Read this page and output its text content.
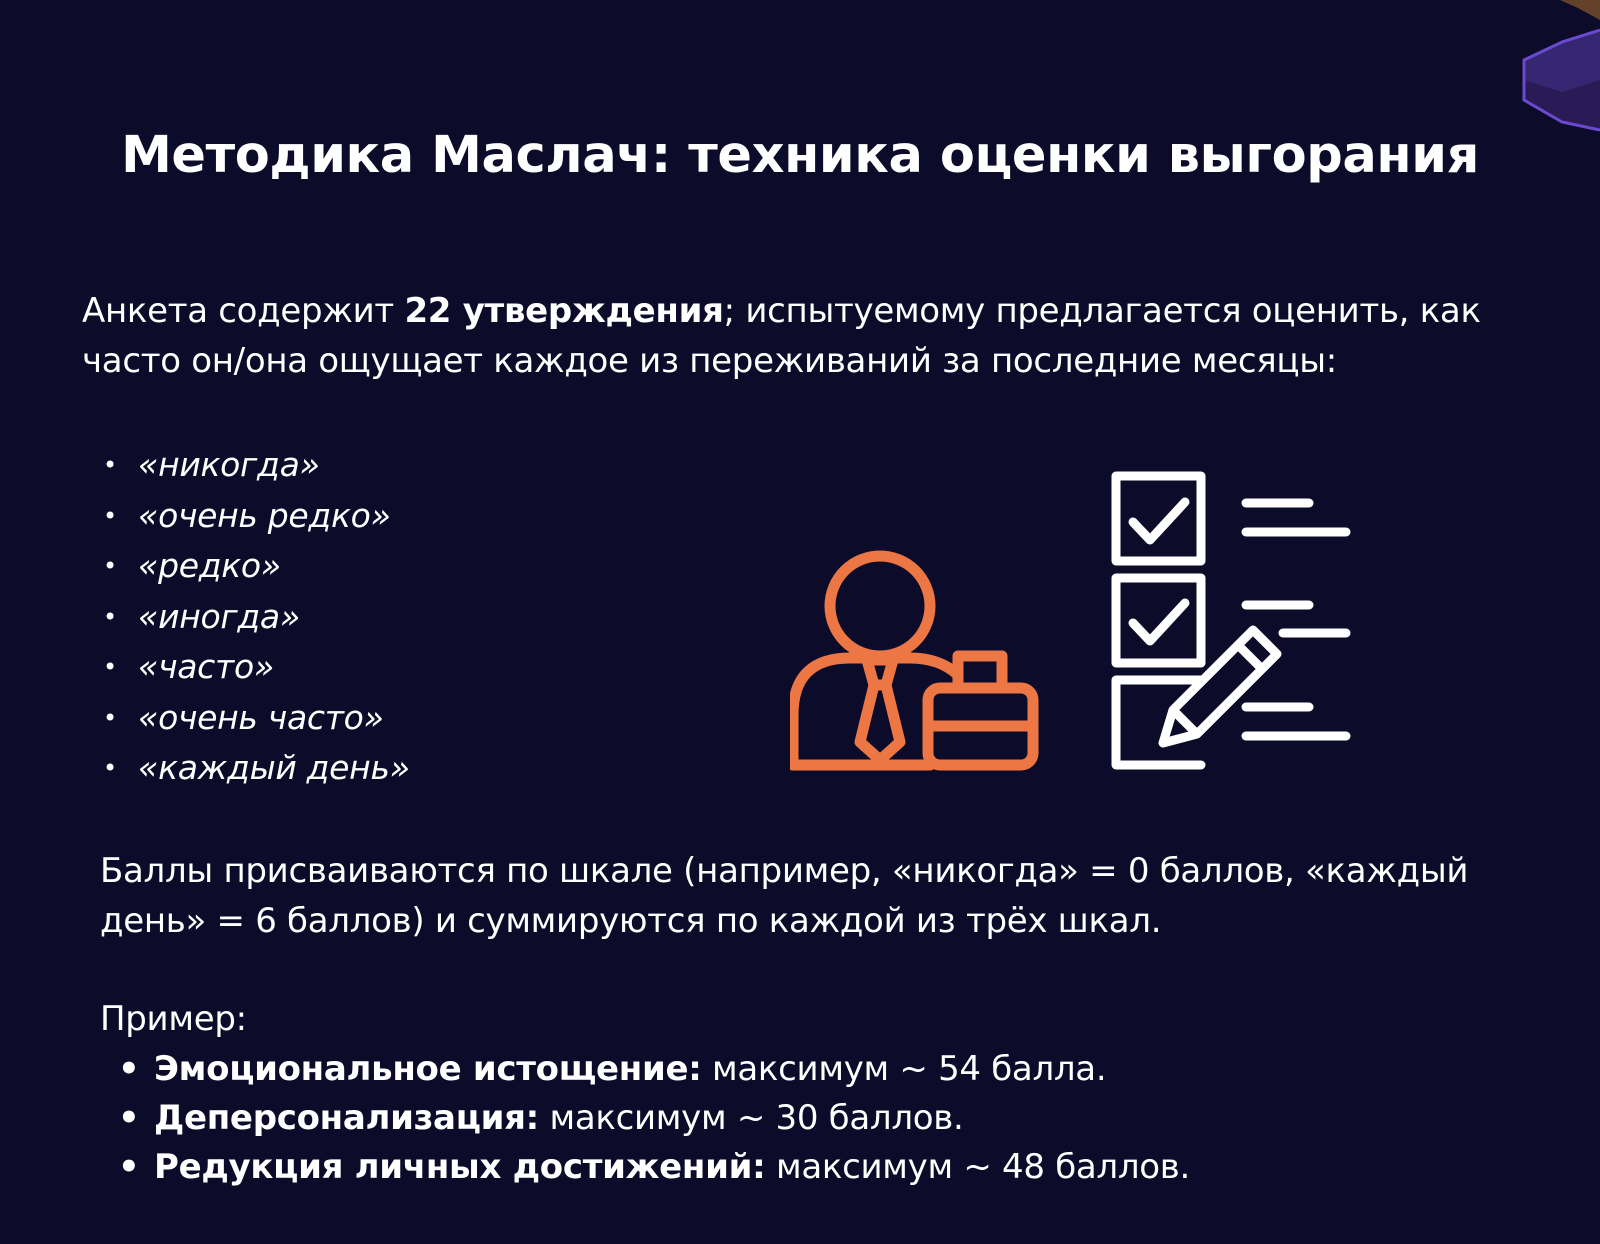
Методика Маслач: техника оценки выгорания
Анкета содержит 22 утверждения; испытуемому предлагается оценить, как часто он/она ощущает каждое из переживаний за последние месяцы:
• «никогда»
• «очень редко»
• «редко»
• «иногда»
• «часто»
• «очень часто»
• «каждый день»
Баллы присваиваются по шкале (например, «никогда» = 0 баллов, «каждый день» = 6 баллов) и суммируются по каждой из трёх шкал.
Пример:
• Эмоциональное истощение: максимум ~ 54 балла.
• Деперсонализация: максимум ~ 30 баллов.
• Редукция личных достижений: максимум ~ 48 баллов.
